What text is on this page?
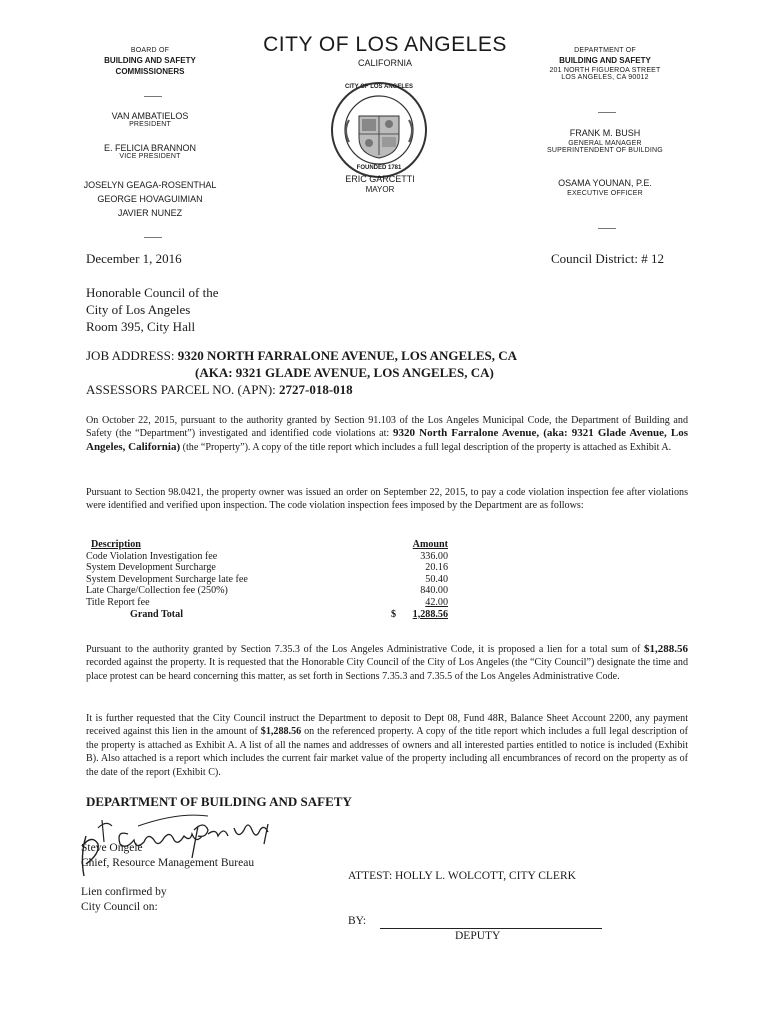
CITY OF LOS ANGELES
CALIFORNIA
BOARD OF
BUILDING AND SAFETY
COMMISSIONERS
VAN AMBATIELOS
PRESIDENT
E. FELICIA BRANNON
VICE PRESIDENT
JOSELYN GEAGA-ROSENTHAL
GEORGE HOVAGUIMIAN
JAVIER NUNEZ
CITY OF LOS ANGELES
FOUNDED 1781
ERIC GARCETTI
MAYOR
DEPARTMENT OF
BUILDING AND SAFETY
201 NORTH FIGUEROA STREET
LOS ANGELES, CA 90012
FRANK M. BUSH
GENERAL MANAGER
SUPERINTENDENT OF BUILDING
OSAMA YOUNAN, P.E.
EXECUTIVE OFFICER
December 1, 2016	Council District: # 12
Honorable Council of the
City of Los Angeles
Room 395, City Hall
JOB ADDRESS: 9320 NORTH FARRALONE AVENUE, LOS ANGELES, CA
(AKA: 9321 GLADE AVENUE, LOS ANGELES, CA)
ASSESSORS PARCEL NO. (APN): 2727-018-018
On October 22, 2015, pursuant to the authority granted by Section 91.103 of the Los Angeles Municipal Code, the Department of Building and Safety (the “Department”) investigated and identified code violations at: 9320 North Farralone Avenue, (aka: 9321 Glade Avenue, Los Angeles, California) (the “Property”). A copy of the title report which includes a full legal description of the property is attached as Exhibit A.
Pursuant to Section 98.0421, the property owner was issued an order on September 22, 2015, to pay a code violation inspection fee after violations were identified and verified upon inspection. The code violation inspection fees imposed by the Department are as follows:
Description	Amount
Code Violation Investigation fee	336.00
System Development Surcharge	20.16
System Development Surcharge late fee	50.40
Late Charge/Collection fee (250%)	840.00
Title Report fee	42.00
Grand Total	$	1,288.56
Pursuant to the authority granted by Section 7.35.3 of the Los Angeles Administrative Code, it is proposed a lien for a total sum of $1,288.56 recorded against the property. It is requested that the Honorable City Council of the City of Los Angeles (the “City Council”) designate the time and place protest can be heard concerning this matter, as set forth in Sections 7.35.3 and 7.35.5 of the Los Angeles Administrative Code.
It is further requested that the City Council instruct the Department to deposit to Dept 08, Fund 48R, Balance Sheet Account 2200, any payment received against this lien in the amount of $1,288.56 on the referenced property. A copy of the title report which includes a full legal description of the property is attached as Exhibit A. A list of all the names and addresses of owners and all interested parties entitled to notice is included (Exhibit B). Also attached is a report which includes the current fair market value of the property including all encumbrances of record on the property as of the date of the report (Exhibit C).
DEPARTMENT OF BUILDING AND SAFETY
Steve Ongele
Chief, Resource Management Bureau
ATTEST: HOLLY L. WOLCOTT, CITY CLERK
Lien confirmed by
City Council on:
BY:
DEPUTY
